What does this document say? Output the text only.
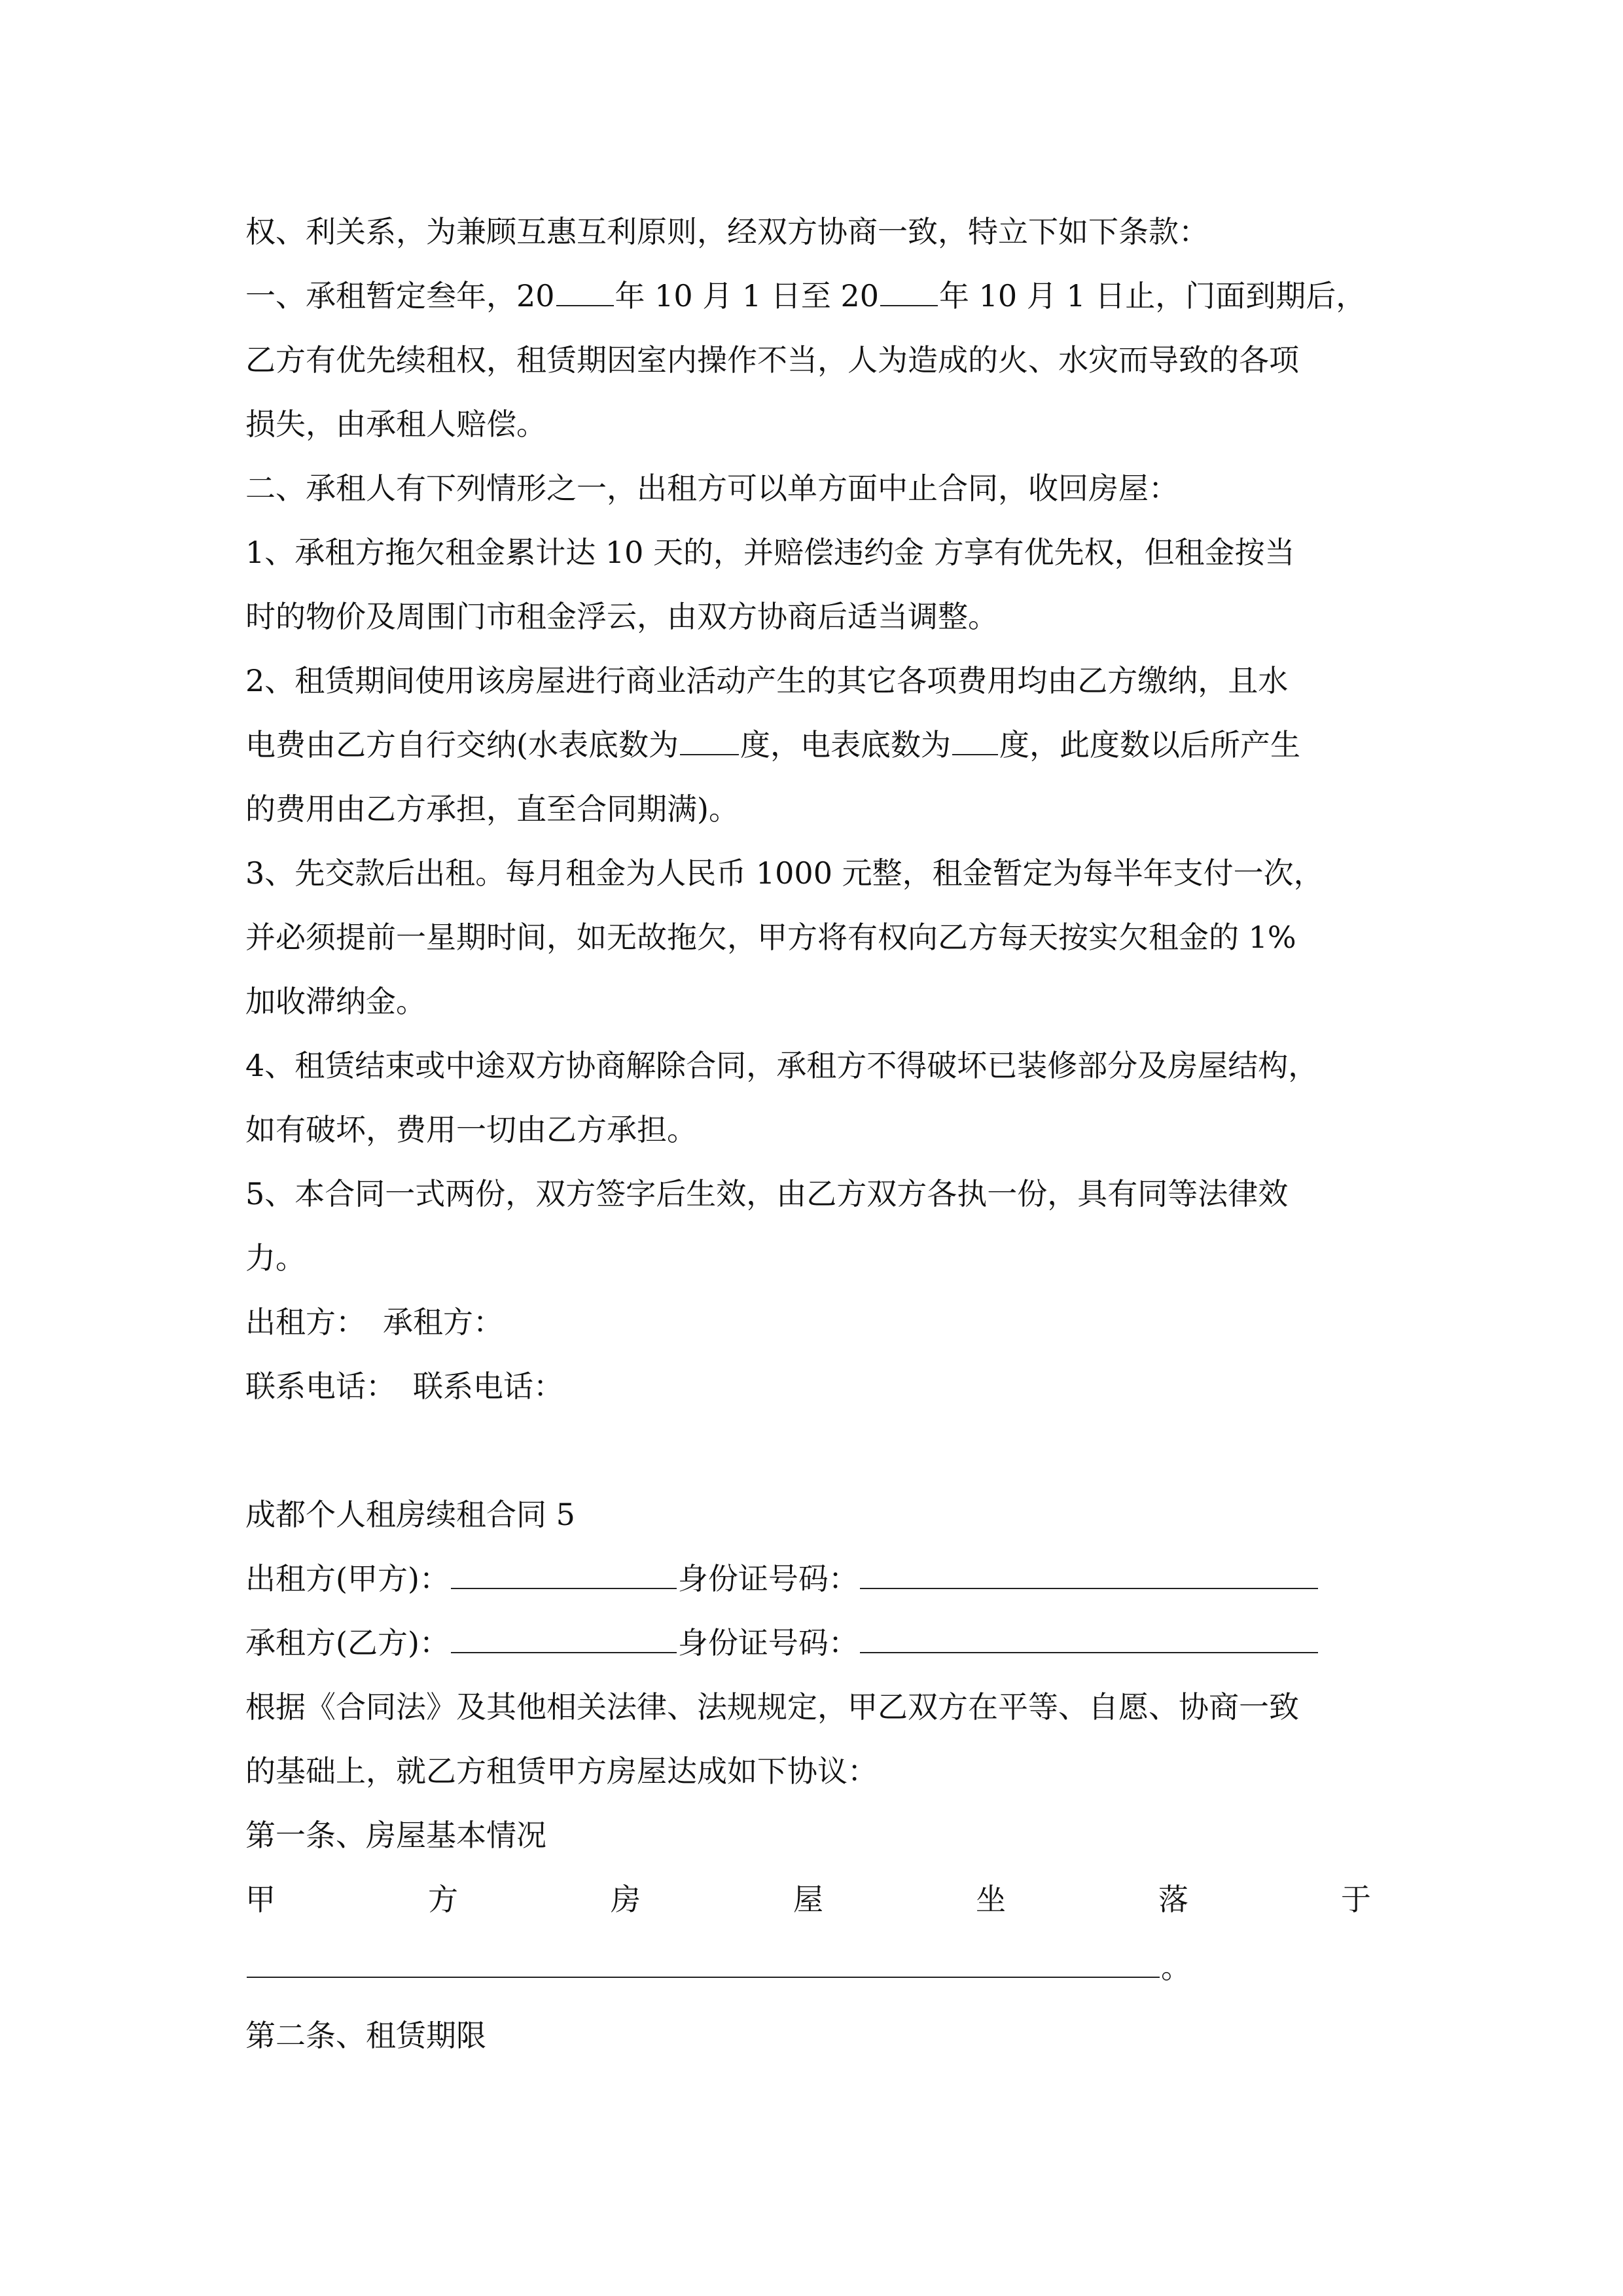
权、利关系，为兼顾互惠互利原则，经双方协商一致，特立下如下条款：
一、承租暂定叁年，20 年 10 月 1 日至 20 年 10 月 1 日止，门面到期后，
乙方有优先续租权，租赁期因室内操作不当，人为造成的火、水灾而导致的各项
损失，由承租人赔偿。
二、承租人有下列情形之一，出租方可以单方面中止合同，收回房屋：
1、承租方拖欠租金累计达 10 天的，并赔偿违约金 方享有优先权，但租金按当
时的物价及周围门市租金浮云，由双方协商后适当调整。
2、租赁期间使用该房屋进行商业活动产生的其它各项费用均由乙方缴纳，且水
电费由乙方自行交纳(水表底数为 度，电表底数为 度，此度数以后所产生
的费用由乙方承担，直至合同期满)。
3、先交款后出租。每月租金为人民币 1000 元整，租金暂定为每半年支付一次，
并必须提前一星期时间，如无故拖欠，甲方将有权向乙方每天按实欠租金的 1%
加收滞纳金。
4、租赁结束或中途双方协商解除合同，承租方不得破坏已装修部分及房屋结构，
如有破坏，费用一切由乙方承担。
5、本合同一式两份，双方签字后生效，由乙方双方各执一份，具有同等法律效
力。
出租方： 承租方：
联系电话： 联系电话：

成都个人租房续租合同 5
出租方(甲方)：	身份证号码：
承租方(乙方)：	身份证号码：
根据《合同法》及其他相关法律、法规规定，甲乙双方在平等、自愿、协商一致
的基础上，就乙方租赁甲方房屋达成如下协议：
第一条、房屋基本情况
甲	方	房	屋	坐	落	于
。
第二条、租赁期限
